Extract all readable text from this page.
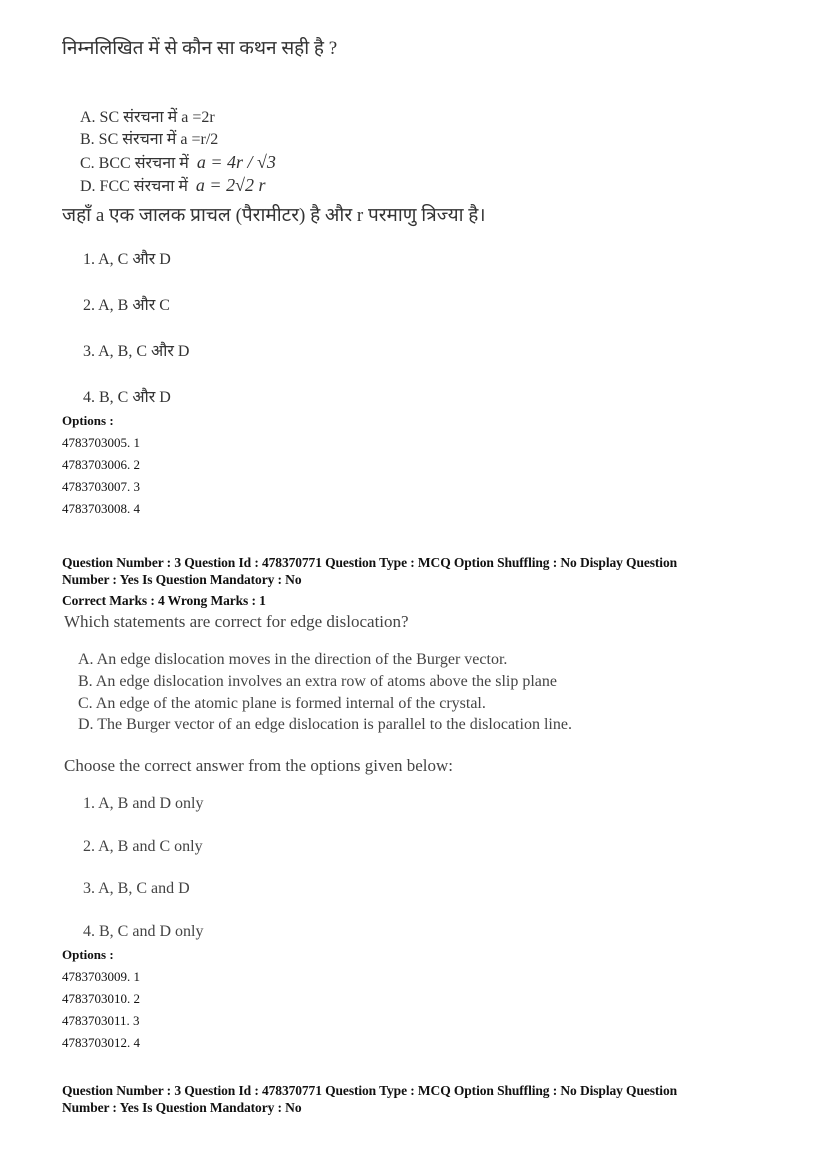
निम्नलिखित में से कौन सा कथन सही है ?
A. SC संरचना में a =2r
B. SC संरचना में a =r/2
C. BCC संरचना में a = 4r / √3
D. FCC संरचना में a = 2√2 r
जहाँ a एक जालक प्राचल (पैरामीटर) है और r परमाणु त्रिज्या है।
1. A, C और D
2. A, B और C
3. A, B, C और D
4. B, C और D
Options :
4783703005. 1
4783703006. 2
4783703007. 3
4783703008. 4
Question Number : 3 Question Id : 478370771 Question Type : MCQ Option Shuffling : No Display Question
Number : Yes Is Question Mandatory : No
Correct Marks : 4 Wrong Marks : 1
Which statements are correct for edge dislocation?
A. An edge dislocation moves in the direction of the Burger vector.
B. An edge dislocation involves an extra row of atoms above the slip plane
C. An edge of the atomic plane is formed internal of the crystal.
D. The Burger vector of an edge dislocation is parallel to the dislocation line.
Choose the correct answer from the options given below:
1. A, B and D only
2. A, B and C only
3. A, B, C and D
4. B, C and D only
Options :
4783703009. 1
4783703010. 2
4783703011. 3
4783703012. 4
Question Number : 3 Question Id : 478370771 Question Type : MCQ Option Shuffling : No Display Question
Number : Yes Is Question Mandatory : No
